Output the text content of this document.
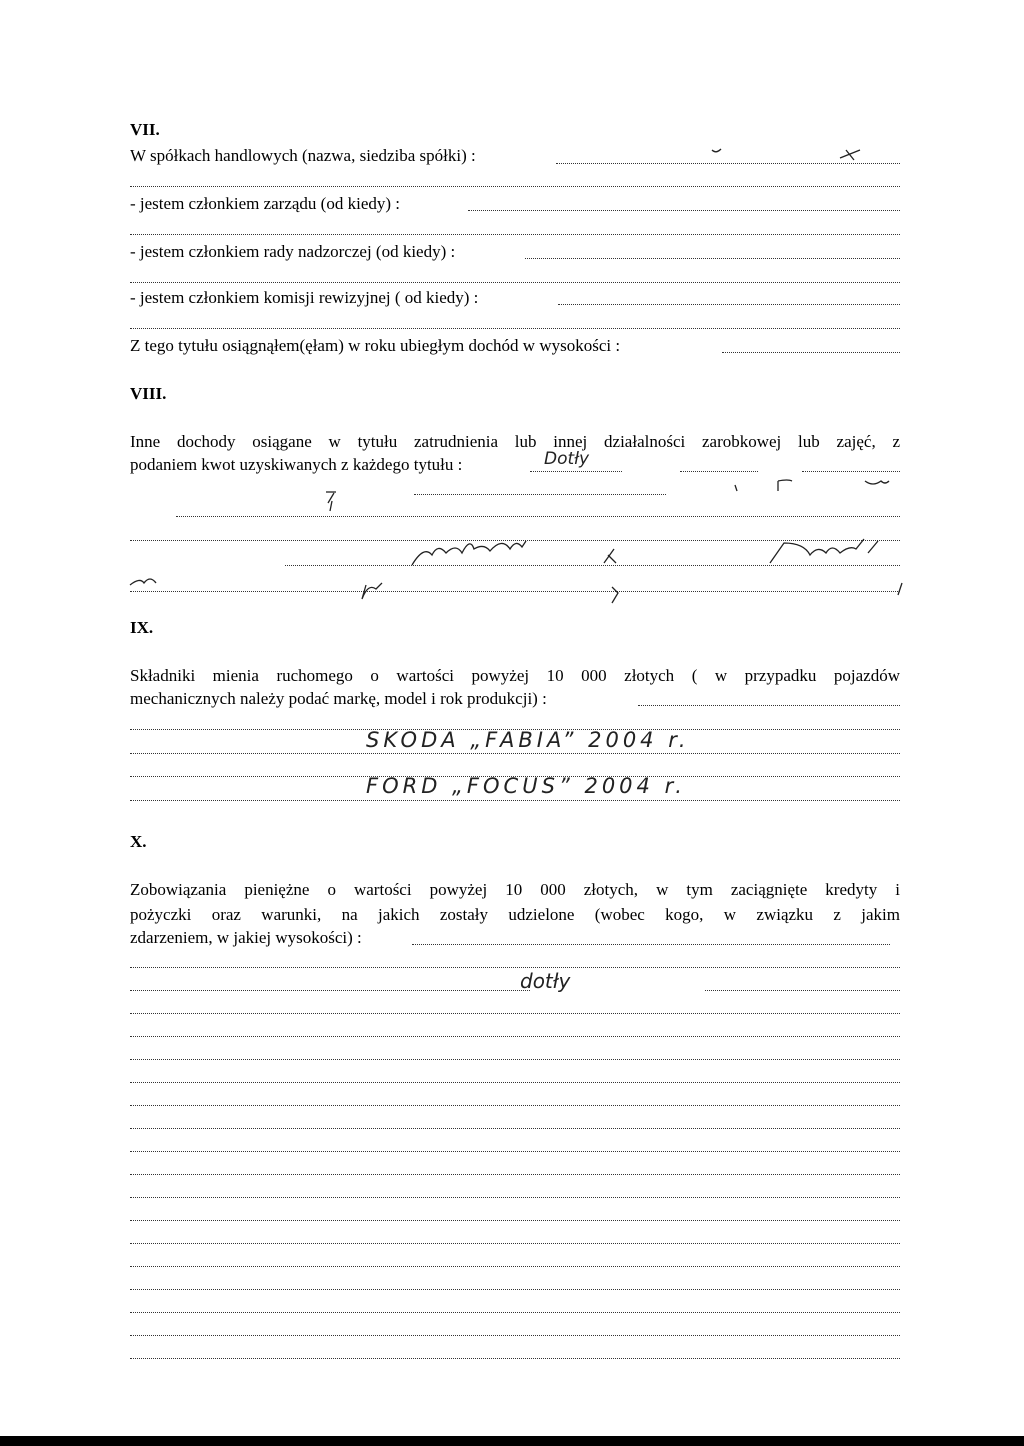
VII.
W spółkach handlowych (nazwa, siedziba spółki) :
- jestem członkiem zarządu (od kiedy) :
- jestem członkiem rady nadzorczej (od kiedy) :
- jestem członkiem komisji rewizyjnej ( od kiedy) :
Z tego tytułu osiągnąłem(ęłam) w roku ubiegłym dochód w wysokości :
VIII.
Inne dochody osiągane w tytułu zatrudnienia lub innej działalności zarobkowej lub zajęć, z
podaniem kwot uzyskiwanych z każdego tytułu :	Dotły
IX.
Składniki mienia ruchomego o wartości powyżej 10 000 złotych ( w przypadku pojazdów
mechanicznych należy podać markę, model i rok produkcji) :
SKODA „FABIA” 2004 r.
FORD „FOCUS” 2004 r.
X.
Zobowiązania pieniężne o wartości powyżej 10 000 złotych, w tym zaciągnięte kredyty i
pożyczki oraz warunki, na jakich zostały udzielone (wobec kogo, w związku z jakim
zdarzeniem, w jakiej wysokości) :
dotły
